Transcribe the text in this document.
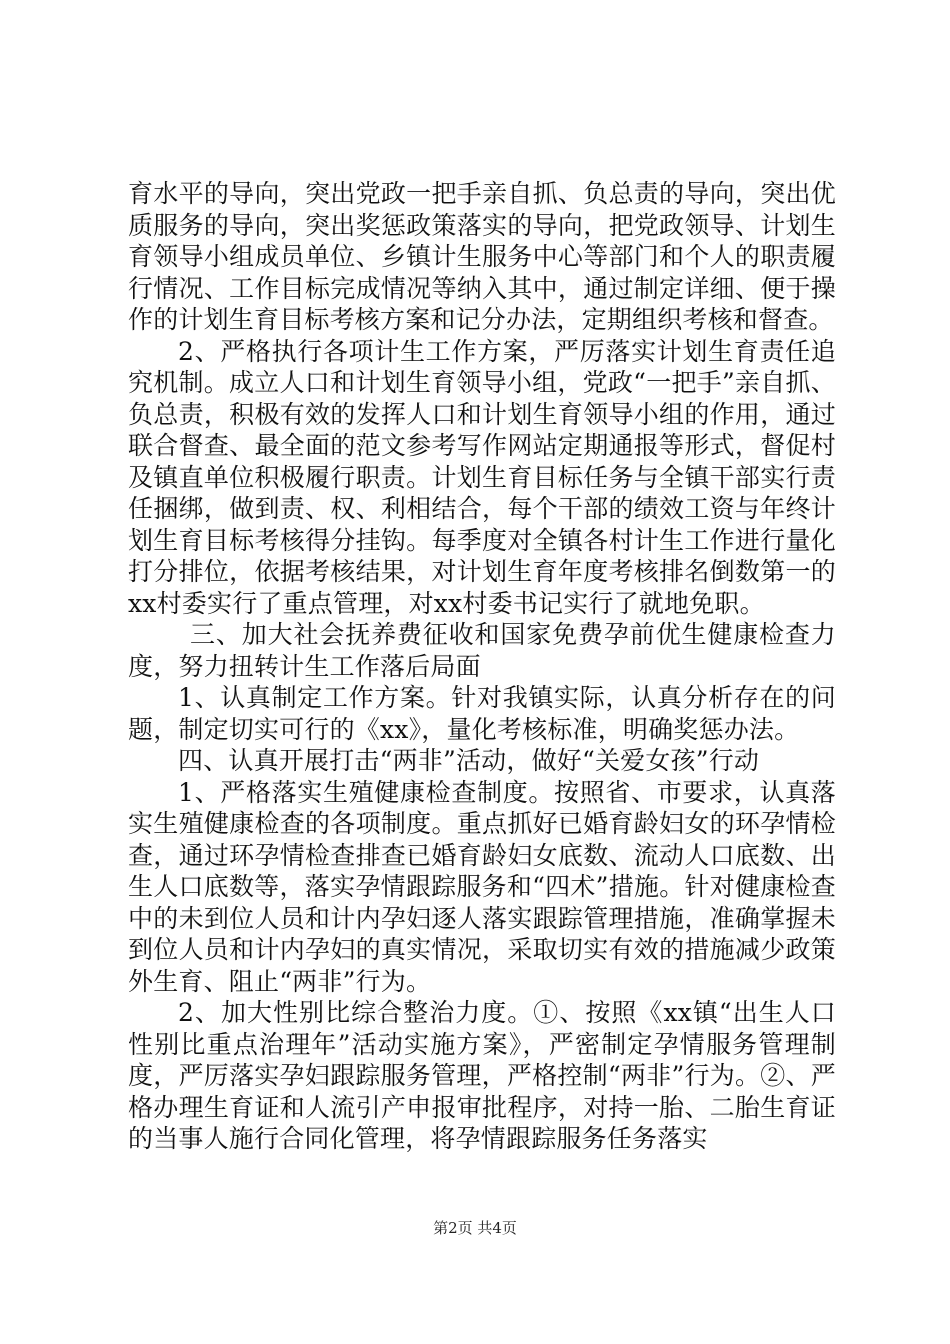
育水平的导向，突出党政一把手亲自抓、负总责的导向，突出优质服务的导向，突出奖惩政策落实的导向，把党政领导、计划生育领导小组成员单位、乡镇计生服务中心等部门和个人的职责履行情况、工作目标完成情况等纳入其中，通过制定详细、便于操作的计划生育目标考核方案和记分办法，定期组织考核和督查。

2、严格执行各项计生工作方案，严厉落实计划生育责任追究机制。成立人口和计划生育领导小组，党政“一把手”亲自抓、负总责，积极有效的发挥人口和计划生育领导小组的作用，通过联合督查、最全面的范文参考写作网站定期通报等形式，督促村及镇直单位积极履行职责。计划生育目标任务与全镇干部实行责任捆绑，做到责、权、利相结合，每个干部的绩效工资与年终计划生育目标考核得分挂钩。每季度对全镇各村计生工作进行量化打分排位，依据考核结果，对计划生育年度考核排名倒数第一的xx村委实行了重点管理，对xx村委书记实行了就地免职。

三、加大社会抚养费征收和国家免费孕前优生健康检查力度，努力扭转计生工作落后局面

1、认真制定工作方案。针对我镇实际，认真分析存在的问题，制定切实可行的《xx》，量化考核标准，明确奖惩办法。

四、认真开展打击“两非”活动，做好“关爱女孩”行动

1、严格落实生殖健康检查制度。按照省、市要求，认真落实生殖健康检查的各项制度。重点抓好已婚育龄妇女的环孕情检查，通过环孕情检查排查已婚育龄妇女底数、流动人口底数、出生人口底数等，落实孕情跟踪服务和“四术”措施。针对健康检查中的未到位人员和计内孕妇逐人落实跟踪管理措施，准确掌握未到位人员和计内孕妇的真实情况，采取切实有效的措施减少政策外生育、阻止“两非”行为。

2、加大性别比综合整治力度。①、按照《xx镇“出生人口性别比重点治理年”活动实施方案》，严密制定孕情服务管理制度，严厉落实孕妇跟踪服务管理，严格控制“两非”行为。②、严格办理生育证和人流引产申报审批程序，对持一胎、二胎生育证的当事人施行合同化管理，将孕情跟踪服务任务落实

第2页 共4页
